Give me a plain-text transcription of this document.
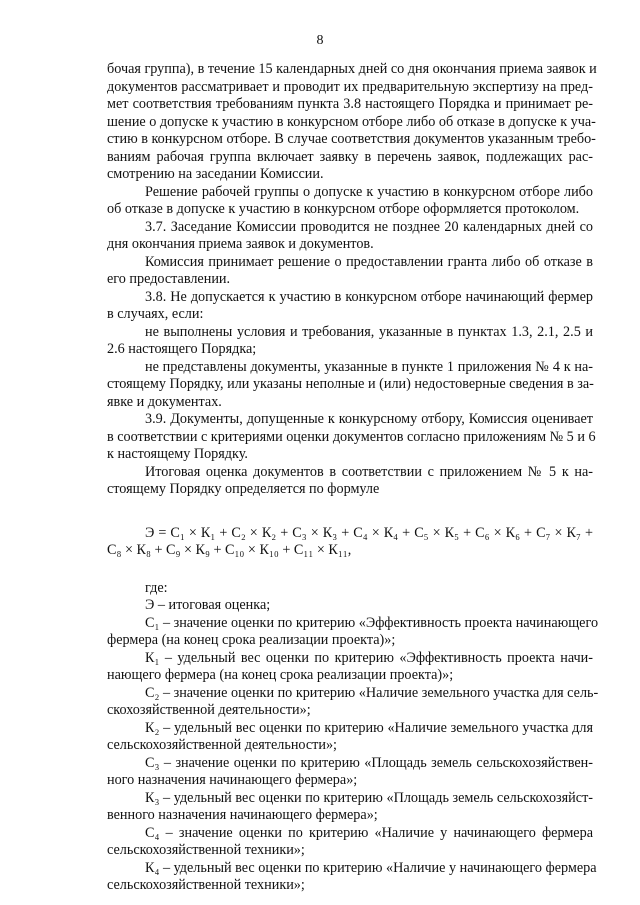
8
бочая группа), в течение 15 календарных дней со дня окончания приема заявок и
документов рассматривает и проводит их предварительную экспертизу на пред-
мет соответствия требованиям пункта 3.8 настоящего Порядка и принимает ре-
шение о допуске к участию в конкурсном отборе либо об отказе в допуске к уча-
стию в конкурсном отборе. В случае соответствия документов указанным требо-
ваниям рабочая группа включает заявку в перечень заявок, подлежащих рас-
смотрению на заседании Комиссии.
Решение рабочей группы о допуске к участию в конкурсном отборе либо
об отказе в допуске к участию в конкурсном отборе оформляется протоколом.
3.7. Заседание Комиссии проводится не позднее 20 календарных дней со
дня окончания приема заявок и документов.
Комиссия принимает решение о предоставлении гранта либо об отказе в
его предоставлении.
3.8. Не допускается к участию в конкурсном отборе начинающий фермер
в случаях, если:
не выполнены условия и требования, указанные в пунктах 1.3, 2.1, 2.5 и
2.6 настоящего Порядка;
не представлены документы, указанные в пункте 1 приложения № 4 к на-
стоящему Порядку, или указаны неполные и (или) недостоверные сведения в за-
явке и документах.
3.9. Документы, допущенные к конкурсному отбору, Комиссия оценивает
в соответствии с критериями оценки документов согласно приложениям № 5 и 6
к настоящему Порядку.
Итоговая оценка документов в соответствии с приложением № 5 к на-
стоящему Порядку определяется по формуле
Э = С₁ × К₁ + С₂ × К₂ + С₃ × К₃ + С₄ × К₄ + С₅ × К₅ + С₆ × К₆ + С₇ × К₇ +
С₈ × К₈ + С₉ × К₉ + С₁₀ × К₁₀ + С₁₁ × К₁₁,
где:
Э – итоговая оценка;
С₁ – значение оценки по критерию «Эффективность проекта начинающего
фермера (на конец срока реализации проекта)»;
К₁ – удельный вес оценки по критерию «Эффективность проекта начи-
нающего фермера (на конец срока реализации проекта)»;
С₂ – значение оценки по критерию «Наличие земельного участка для сель-
скохозяйственной деятельности»;
К₂ – удельный вес оценки по критерию «Наличие земельного участка для
сельскохозяйственной деятельности»;
С₃ – значение оценки по критерию «Площадь земель сельскохозяйствен-
ного назначения начинающего фермера»;
К₃ – удельный вес оценки по критерию «Площадь земель сельскохозяйст-
венного назначения начинающего фермера»;
С₄ – значение оценки по критерию «Наличие у начинающего фермера
сельскохозяйственной техники»;
К₄ – удельный вес оценки по критерию «Наличие у начинающего фермера
сельскохозяйственной техники»;
